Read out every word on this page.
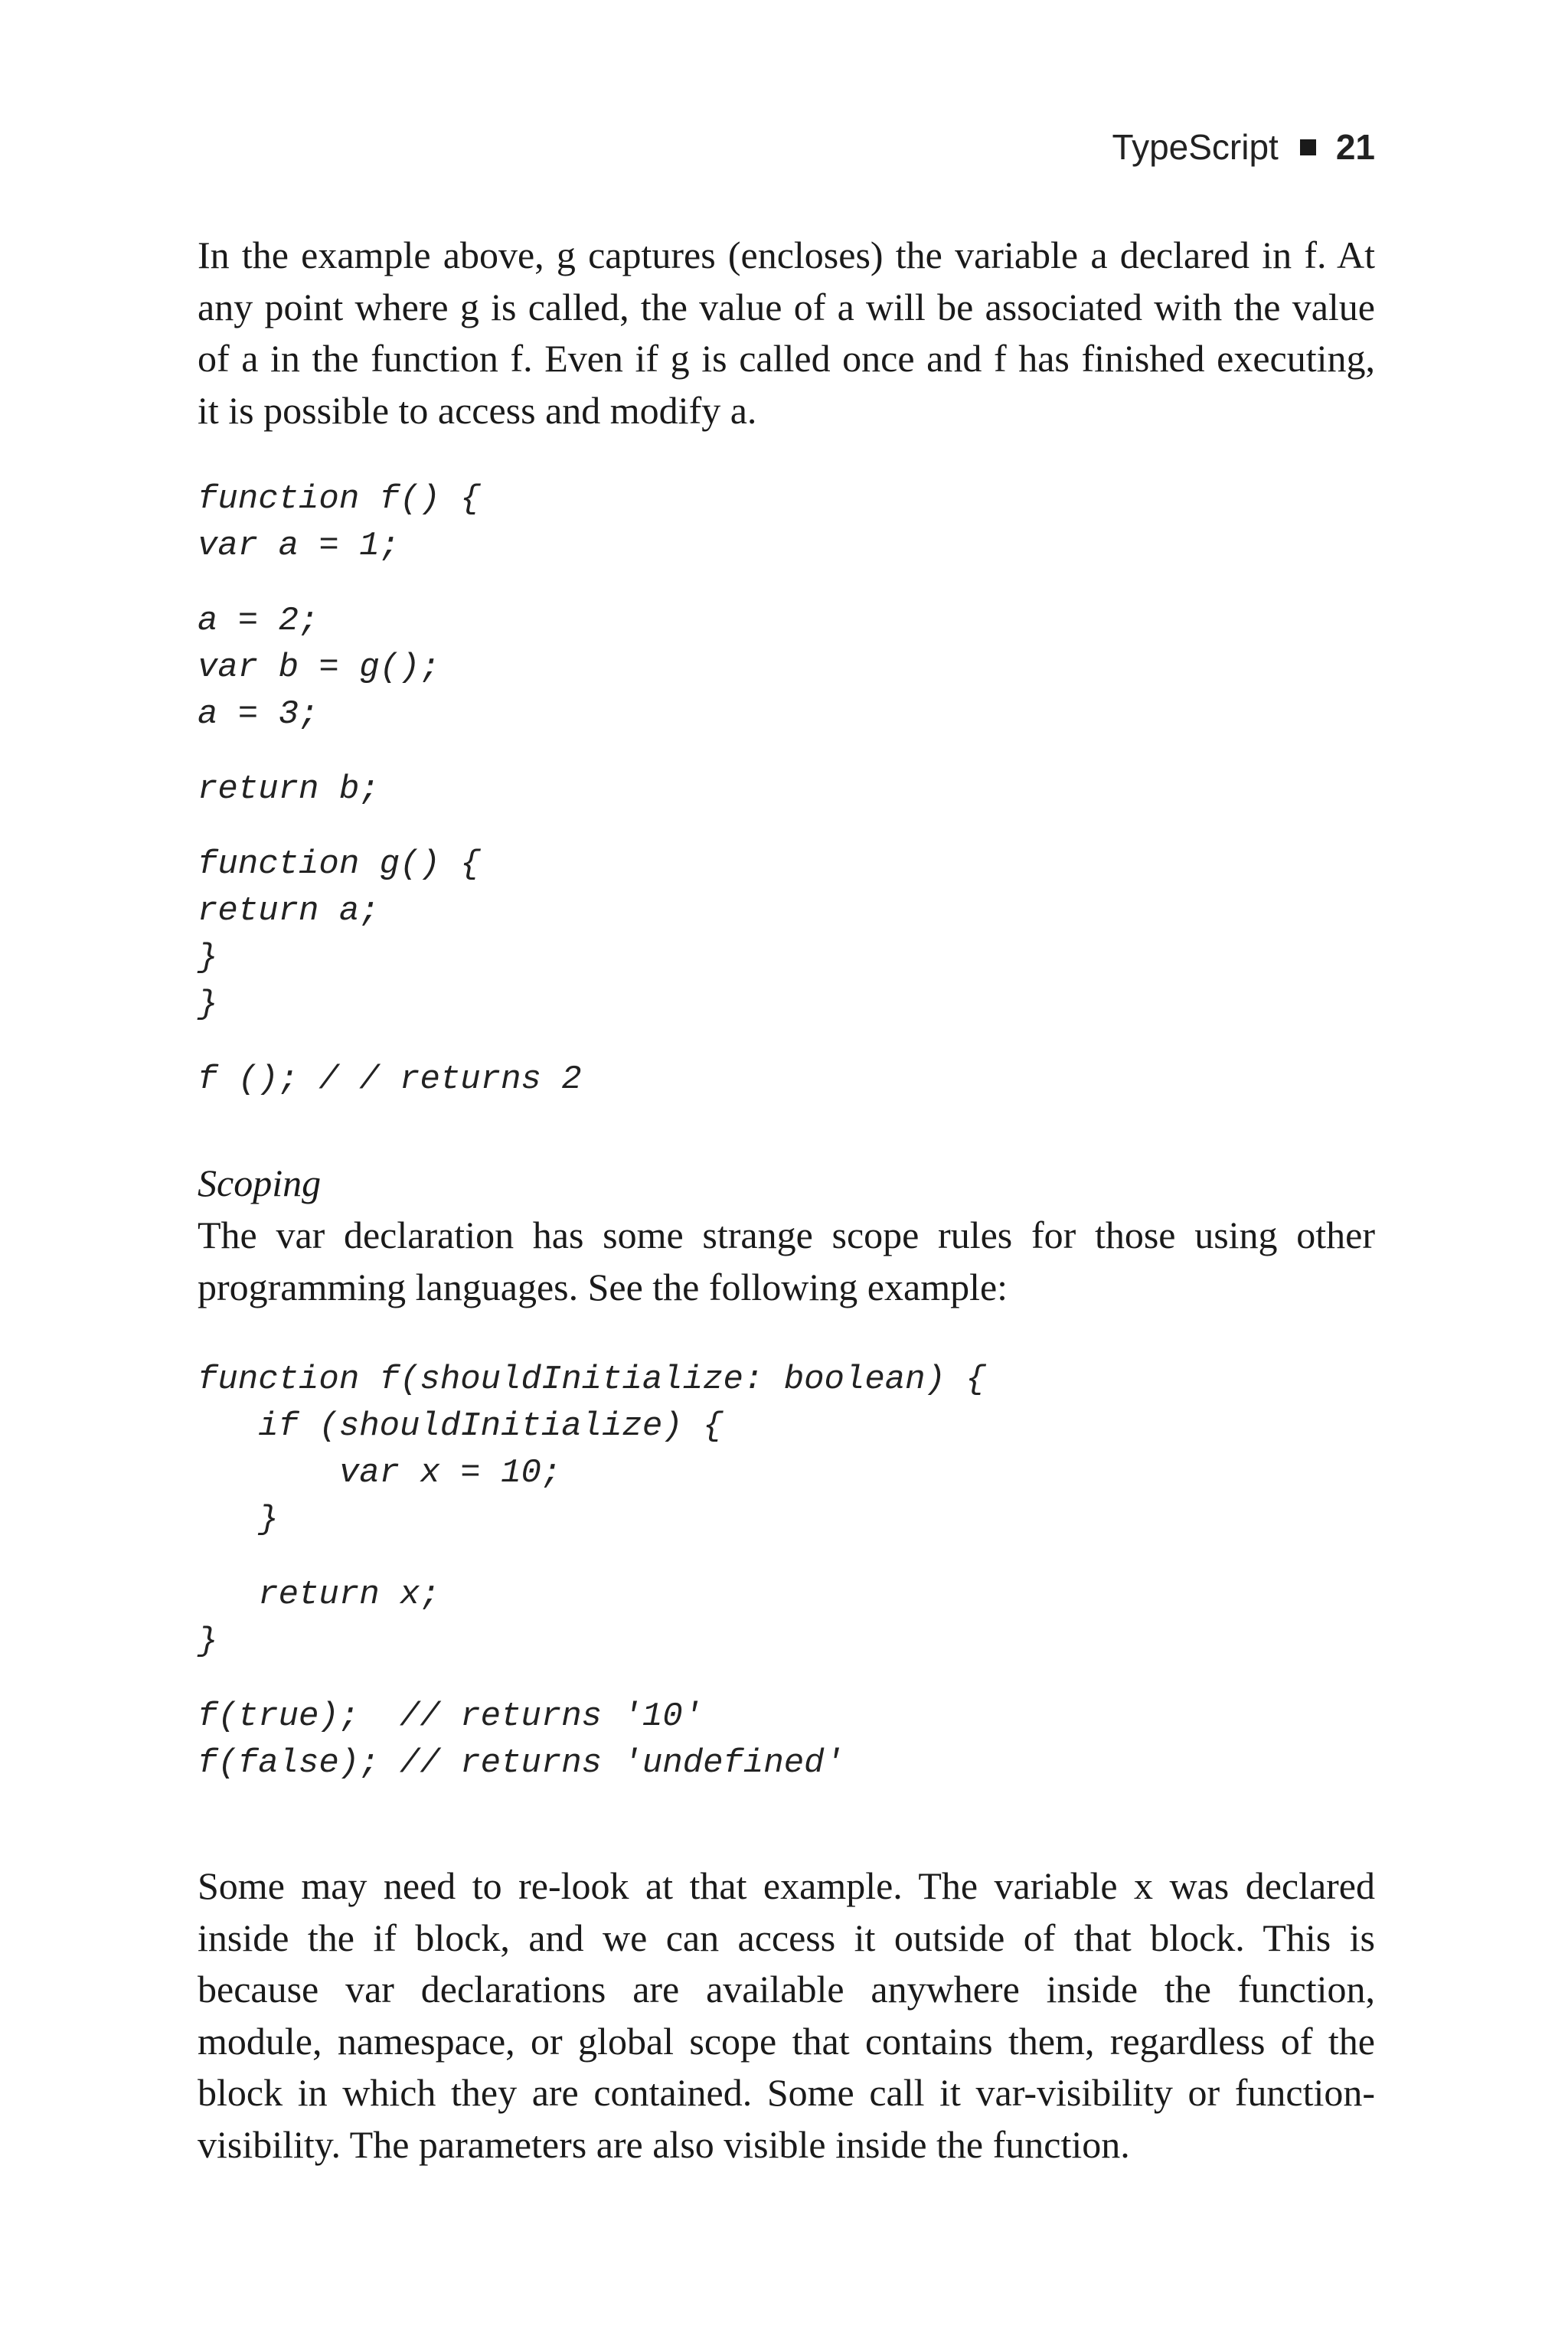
TypeScript 21

In the example above, g captures (encloses) the variable a declared in f. At
any point where g is called, the value of a will be associated with the value
of a in the function f. Even if g is called once and f has finished executing,
it is possible to access and modify a.

function f() {
var a = 1;
a = 2;
var b = g();
a = 3;
return b;
function g() {
return a;
}
}
f (); / / returns 2
Scoping

The var declaration has some strange scope rules for those using other
programming languages. See the following example:

function f(shouldInitialize: boolean) {
if (shouldInitialize) {
var x = 10;
}
return x;
}
f(true);  // returns '10'
f(false); // returns 'undefined'

Some may need to re-look at that example. The variable x was declared
inside the if block, and we can access it outside of that block. This is
because var declarations are available anywhere inside the function,
module, namespace, or global scope that contains them, regardless of the
block in which they are contained. Some call it var-visibility or function-
visibility. The parameters are also visible inside the function.
